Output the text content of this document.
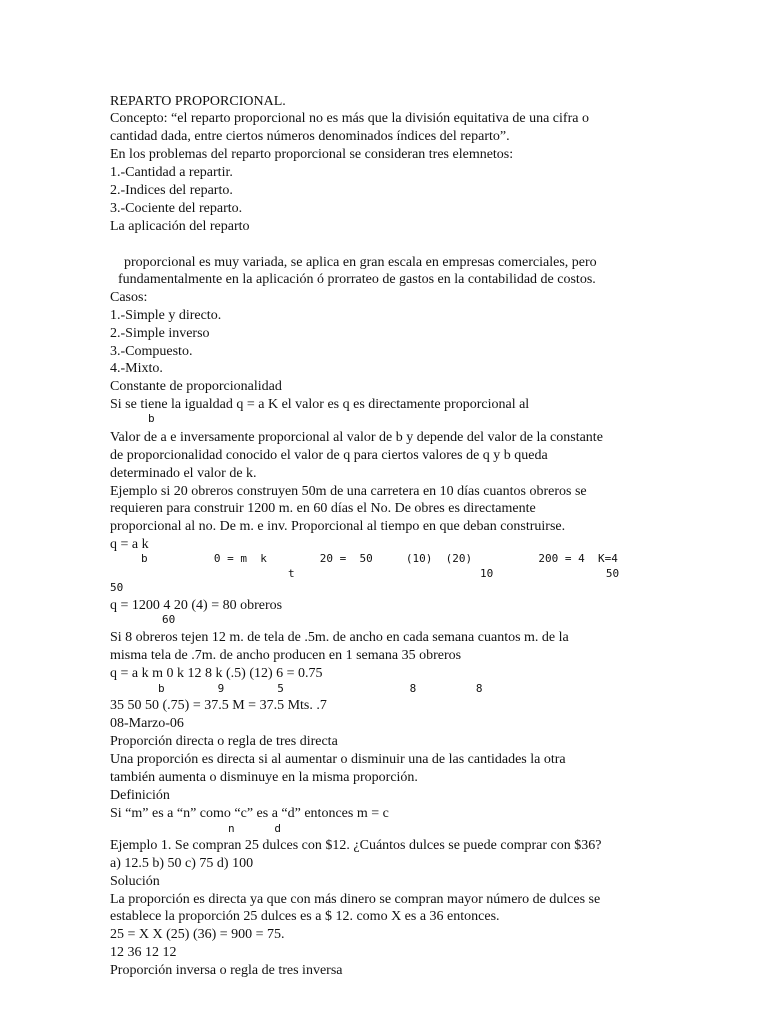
REPARTO PROPORCIONAL.
Concepto: “el reparto proporcional no es más que la división equitativa de una cifra o
cantidad dada, entre ciertos números denominados índices del reparto”.
En los problemas del reparto proporcional se consideran tres elemnetos:
1.-Cantidad a repartir.
2.-Indices del reparto.
3.-Cociente del reparto.
La aplicación del reparto
proporcional es muy variada, se aplica en gran escala en empresas comerciales, pero
fundamentalmente en la aplicación ó prorrateo de gastos en la contabilidad de costos.
Casos:
1.-Simple y directo.
2.-Simple inverso
3.-Compuesto.
4.-Mixto.
Constante de proporcionalidad
Si se tiene la igualdad q = a K el valor es q es directamente proporcional al
b
Valor de a e inversamente proporcional al valor de b y depende del valor de la constante
de proporcionalidad conocido el valor de q para ciertos valores de q y b queda
determinado el valor de k.
Ejemplo si 20 obreros construyen 50m de una carretera en 10 días cuantos obreros se
requieren para construir 1200 m. en 60 días el No. De obres es directamente
proporcional al no. De m. e inv. Proporcional al tiempo en que deban construirse.
q = a k
b          0 = m  k        20 =  50     (10)  (20)          200 = 4  K=4
t                            10                 50
50
q = 1200 4 20 (4) = 80 obreros
60
Si 8 obreros tejen 12 m. de tela de .5m. de ancho en cada semana cuantos m. de la
misma tela de .7m. de ancho producen en 1 semana 35 obreros
q = a k m 0 k 12 8 k (.5) (12) 6 = 0.75
b        9        5                   8         8
35 50 50 (.75) = 37.5 M = 37.5 Mts. .7
08-Marzo-06
Proporción directa o regla de tres directa
Una proporción es directa si al aumentar o disminuir una de las cantidades la otra
también aumenta o disminuye en la misma proporción.
Definición
Si “m” es a “n” como “c” es a “d” entonces m = c
n      d
Ejemplo 1. Se compran 25 dulces con $12. ¿Cuántos dulces se puede comprar con $36?
a) 12.5 b) 50 c) 75 d) 100
Solución
La proporción es directa ya que con más dinero se compran mayor número de dulces se
establece la proporción 25 dulces es a $ 12. como X es a 36 entonces.
25 = X X (25) (36) = 900 = 75.
12 36 12 12
Proporción inversa o regla de tres inversa
